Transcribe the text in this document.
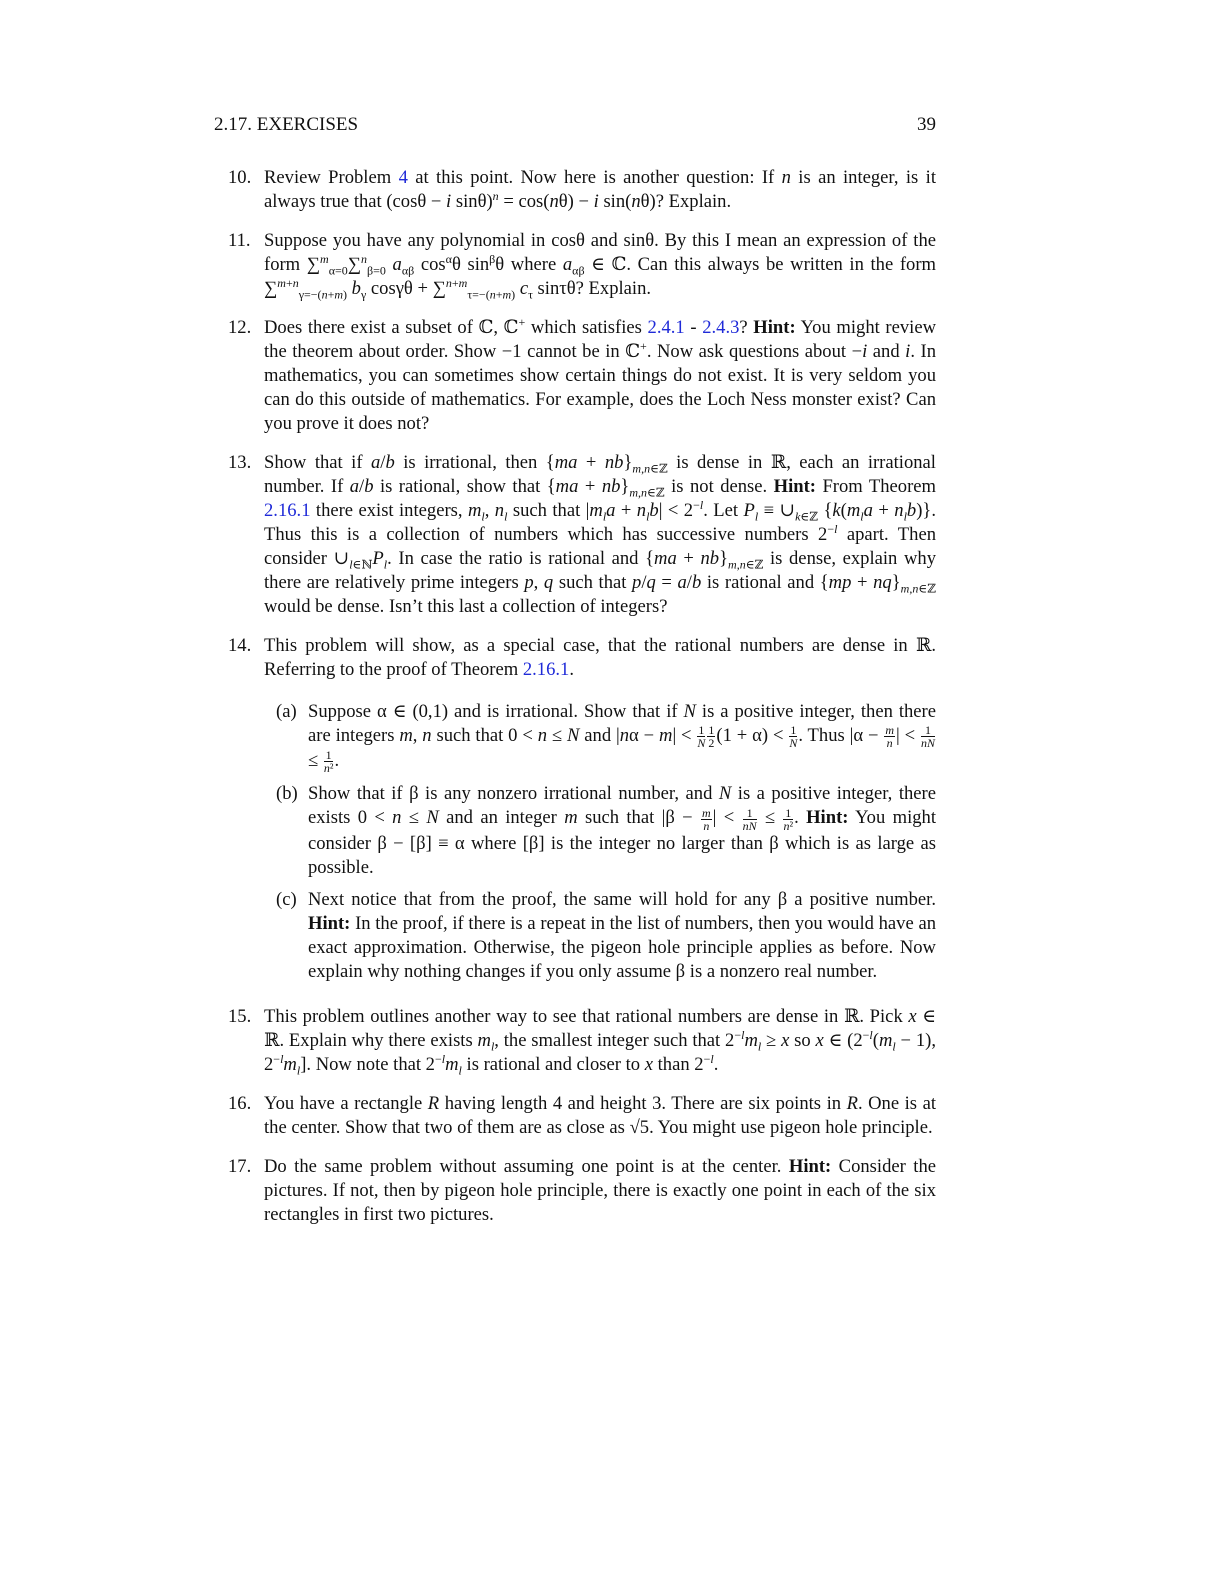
2.17. EXERCISES	39
10. Review Problem 4 at this point. Now here is another question: If n is an integer, is it always true that (cosθ − i sinθ)$^n$ = cos(nθ) − i sin(nθ)? Explain.
11. Suppose you have any polynomial in cosθ and sinθ. By this I mean an expression of the form ∑$^m_{\alpha=0}$∑$^n_{\beta=0}$ $a_{\alpha\beta}$ $\cos^\alpha\theta$ $\sin^\beta\theta$ where $a_{\alpha\beta}$ ∈ ℂ. Can this always be written in the form ∑$^{m+n}_{\gamma=-(n+m)}$ $b_\gamma$ cosγθ + ∑$^{n+m}_{\tau=-(n+m)}$ $c_\tau$ sinτθ? Explain.
12. Does there exist a subset of ℂ, ℂ+ which satisfies 2.4.1 - 2.4.3? Hint: You might review the theorem about order. Show −1 cannot be in ℂ+. Now ask questions about −i and i. In mathematics, you can sometimes show certain things do not exist. It is very seldom you can do this outside of mathematics. For example, does the Loch Ness monster exist? Can you prove it does not?
13. Show that if a/b is irrational, then $\{ma + nb\}_{m,n\in ℤ}$ is dense in ℝ, each an irrational number. If a/b is rational, show that $\{ma + nb\}_{m,n\in ℤ}$ is not dense. Hint: From Theorem 2.16.1 there exist integers, $m_l$, $n_l$ such that $|m_la + n_lb| < 2^{-l}$. Let $P_l$ ≡ $\cup_{k\in ℤ}$ $\{k(m_la + n_lb)\}$. Thus this is a collection of numbers which has successive numbers $2^{-l}$ apart. Then consider $\cup_{l\in ℕ}P_l$. In case the ratio is rational and $\{ma + nb\}_{m,n\in ℤ}$ is dense, explain why there are relatively prime integers p, q such that p/q = a/b is rational and $\{mp + nq\}_{m,n\in ℤ}$ would be dense. Isn’t this last a collection of integers?
14. This problem will show, as a special case, that the rational numbers are dense in ℝ. Referring to the proof of Theorem 2.16.1.
(a) Suppose α ∈ (0,1) and is irrational. Show that if N is a positive integer, then there are integers m, n such that 0 < n ≤ N and $|n\alpha - m| < \frac{1}{N} \frac{1}{2} (1 + \alpha) < \frac{1}{N}$ . Thus $|\alpha - \frac{m}{n}$ | < $\frac{1}{nN}$
≤ $\frac{1}{\text{n²}}$ .
(b) Show that if β is any nonzero irrational number, and N is a positive integer, there exists 0 < n ≤ N and an integer m such that $|\beta - \frac{m}{n}$ | < $\frac{1}{nN} \le \frac{1}{\text{n²}}$ . Hint: You might consider β − [β] ≡ α where [β] is the integer no larger than β which is as large as possible.
(c) Next notice that from the proof, the same will hold for any β a positive number. Hint: In the proof, if there is a repeat in the list of numbers, then you would have an exact approximation. Otherwise, the pigeon hole principle applies as before. Now explain why nothing changes if you only assume β is a nonzero real number.
15. This problem outlines another way to see that rational numbers are dense in ℝ. Pick x ∈ ℝ. Explain why there exists $m_l$, the smallest integer such that $2^{-l}m_l \ge x$ so x ∈ ($2^{-l}(m_l - 1)$, $2^{-l}m_l$]. Now note that $2^{-l}m_l$ is rational and closer to x than $2^{-l}$.
16. You have a rectangle R having length 4 and height 3. There are six points in R. One is at the center. Show that two of them are as close as √5. You might use pigeon hole principle.
17. Do the same problem without assuming one point is at the center. Hint: Consider the pictures. If not, then by pigeon hole principle, there is exactly one point in each of the six rectangles in first two pictures.
